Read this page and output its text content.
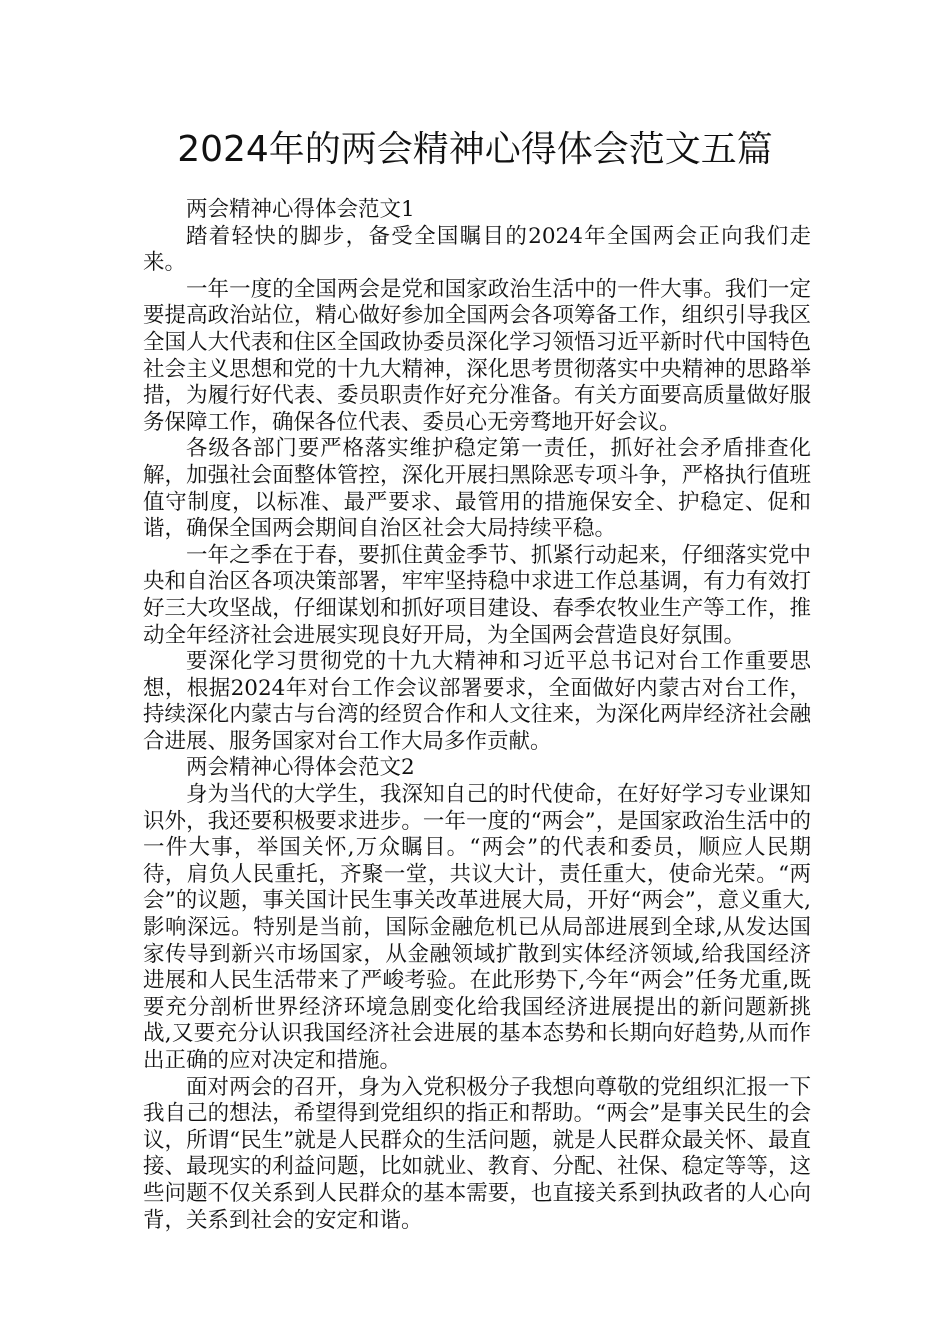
2024年的两会精神心得体会范文五篇

两会精神心得体会范文1

踏着轻快的脚步，备受全国瞩目的2024年全国两会正向我们走来。

一年一度的全国两会是党和国家政治生活中的一件大事。我们一定要提高政治站位，精心做好参加全国两会各项筹备工作，组织引导我区全国人大代表和住区全国政协委员深化学习领悟习近平新时代中国特色社会主义思想和党的十九大精神，深化思考贯彻落实中央精神的思路举措，为履行好代表、委员职责作好充分准备。有关方面要高质量做好服务保障工作，确保各位代表、委员心无旁骛地开好会议。

各级各部门要严格落实维护稳定第一责任，抓好社会矛盾排查化解，加强社会面整体管控，深化开展扫黑除恶专项斗争，严格执行值班值守制度，以标准、最严要求、最管用的措施保安全、护稳定、促和谐，确保全国两会期间自治区社会大局持续平稳。

一年之季在于春，要抓住黄金季节、抓紧行动起来，仔细落实党中央和自治区各项决策部署，牢牢坚持稳中求进工作总基调，有力有效打好三大攻坚战，仔细谋划和抓好项目建设、春季农牧业生产等工作，推动全年经济社会进展实现良好开局，为全国两会营造良好氛围。

要深化学习贯彻党的十九大精神和习近平总书记对台工作重要思想，根据2024年对台工作会议部署要求，全面做好内蒙古对台工作，持续深化内蒙古与台湾的经贸合作和人文往来，为深化两岸经济社会融合进展、服务国家对台工作大局多作贡献。

两会精神心得体会范文2

身为当代的大学生，我深知自己的时代使命，在好好学习专业课知识外，我还要积极要求进步。一年一度的“两会”，是国家政治生活中的一件大事，举国关怀,万众瞩目。“两会”的代表和委员，顺应人民期待，肩负人民重托，齐聚一堂，共议大计，责任重大，使命光荣。“两会”的议题，事关国计民生事关改革进展大局，开好“两会”，意义重大,影响深远。特别是当前，国际金融危机已从局部进展到全球,从发达国家传导到新兴市场国家，从金融领域扩散到实体经济领域,给我国经济进展和人民生活带来了严峻考验。在此形势下,今年“两会”任务尤重,既要充分剖析世界经济环境急剧变化给我国经济进展提出的新问题新挑战,又要充分认识我国经济社会进展的基本态势和长期向好趋势,从而作出正确的应对决定和措施。

面对两会的召开，身为入党积极分子我想向尊敬的党组织汇报一下我自己的想法，希望得到党组织的指正和帮助。“两会”是事关民生的会议，所谓“民生”就是人民群众的生活问题，就是人民群众最关怀、最直接、最现实的利益问题，比如就业、教育、分配、社保、稳定等等，这些问题不仅关系到人民群众的基本需要，也直接关系到执政者的人心向背，关系到社会的安定和谐。
